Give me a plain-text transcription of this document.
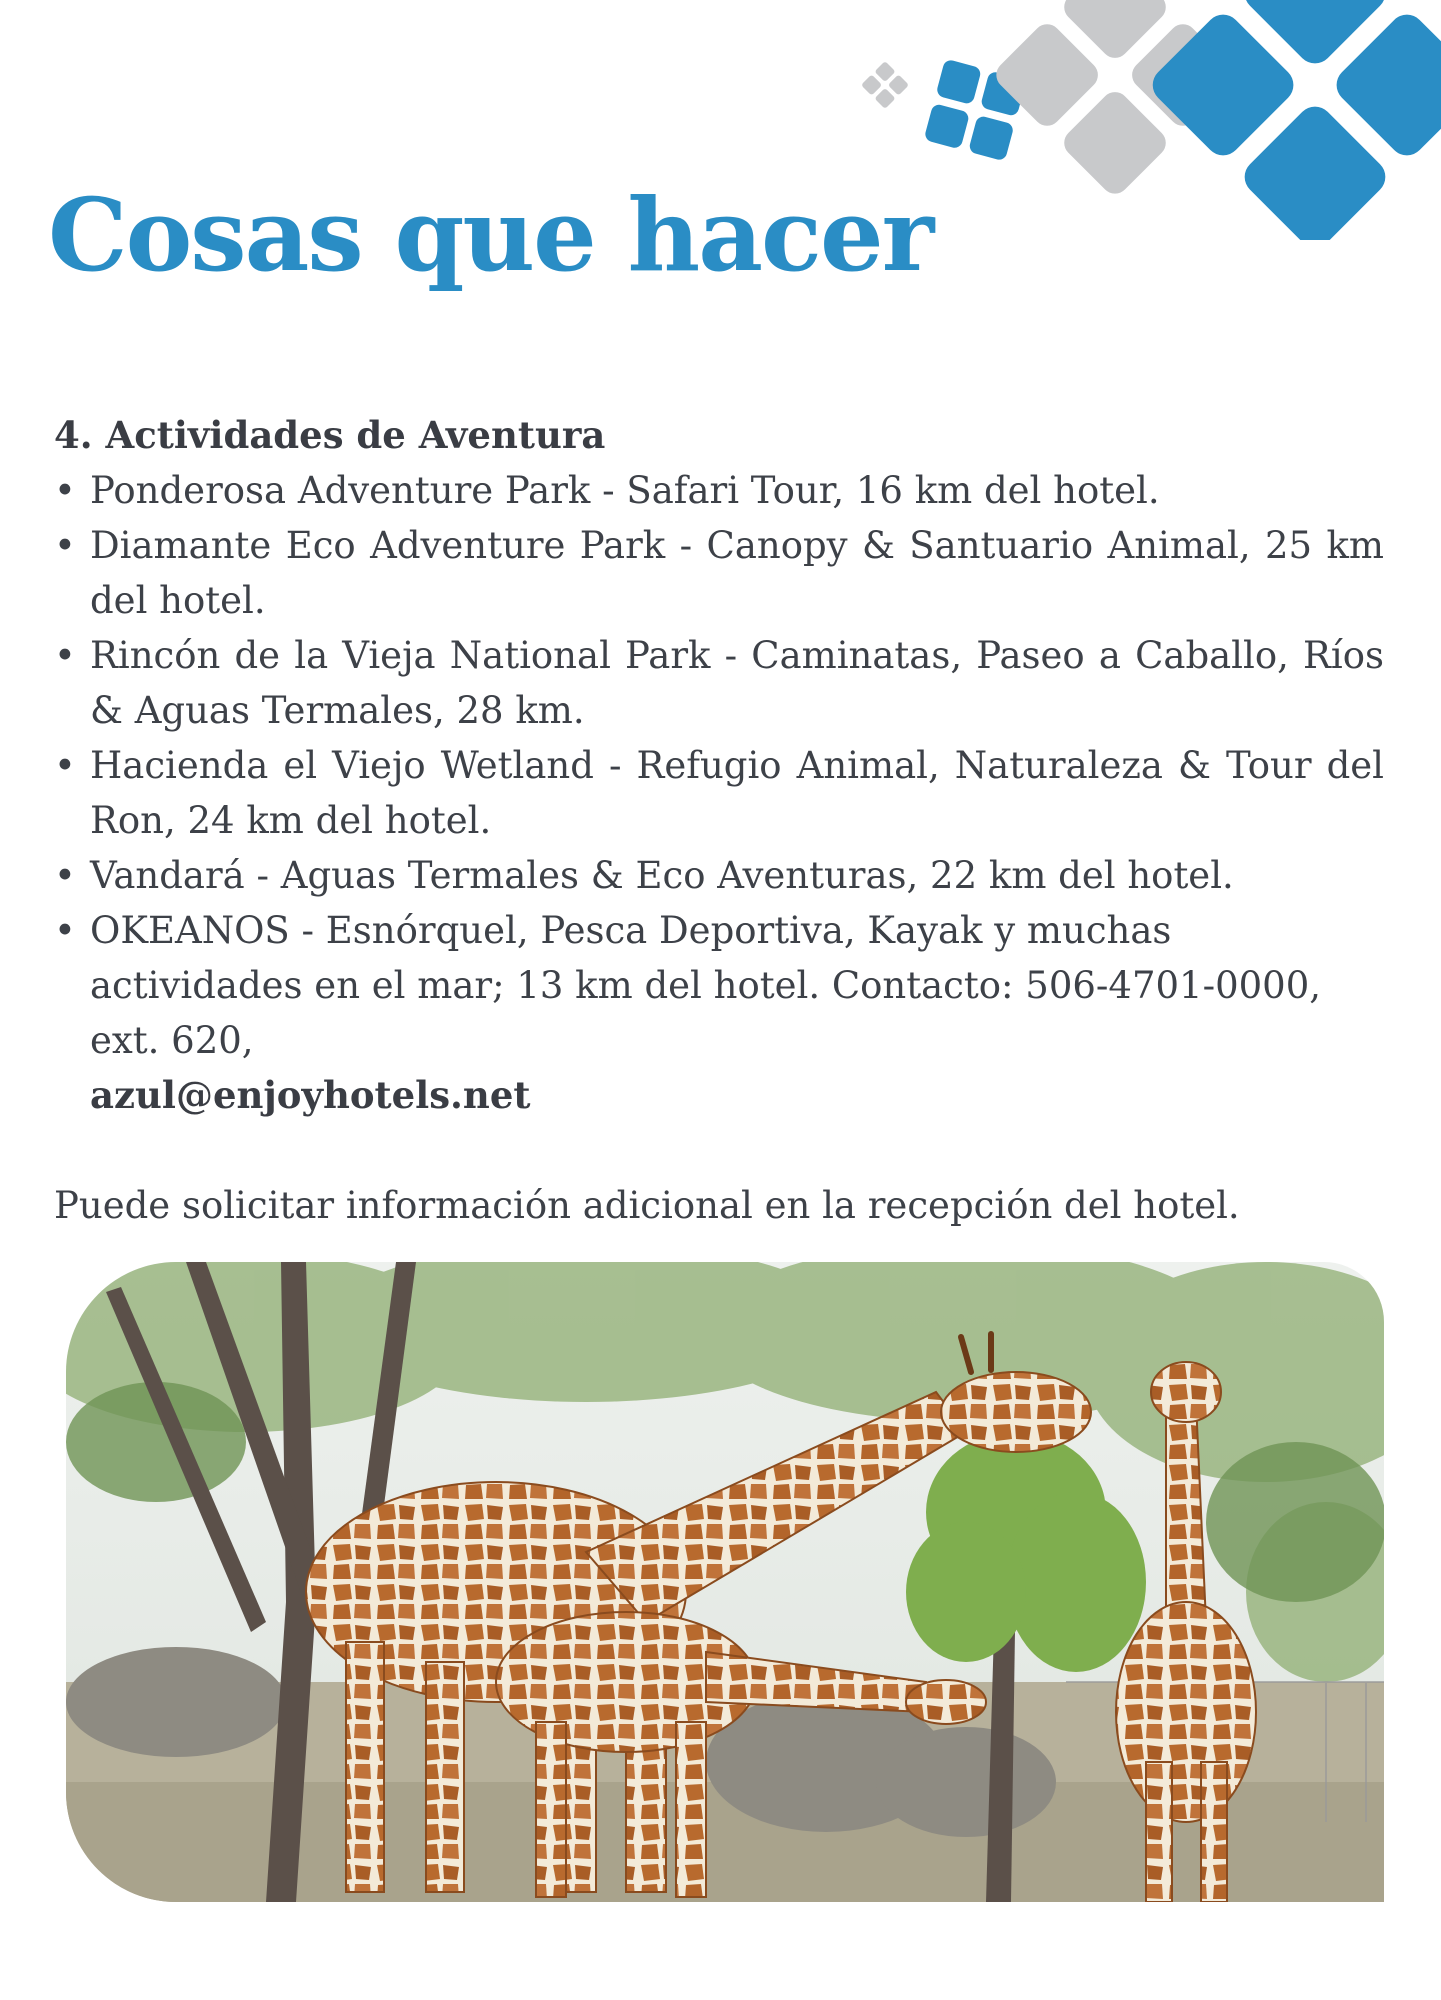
Cosas que hacer

4. Actividades de Aventura

• Ponderosa Adventure Park - Safari Tour, 16 km del hotel.
• Diamante Eco Adventure Park - Canopy & Santuario Animal, 25 km del hotel.
• Rincón de la Vieja National Park - Caminatas, Paseo a Caballo, Ríos & Aguas Termales, 28 km.
• Hacienda el Viejo Wetland - Refugio Animal, Naturaleza & Tour del Ron, 24 km del hotel.
• Vandará - Aguas Termales & Eco Aventuras, 22 km del hotel.
• OKEANOS - Esnórquel, Pesca Deportiva, Kayak y muchas actividades en el mar; 13 km del hotel. Contacto: 506-4701-0000, ext. 620,
azul@enjoyhotels.net

Puede solicitar información adicional en la recepción del hotel.
